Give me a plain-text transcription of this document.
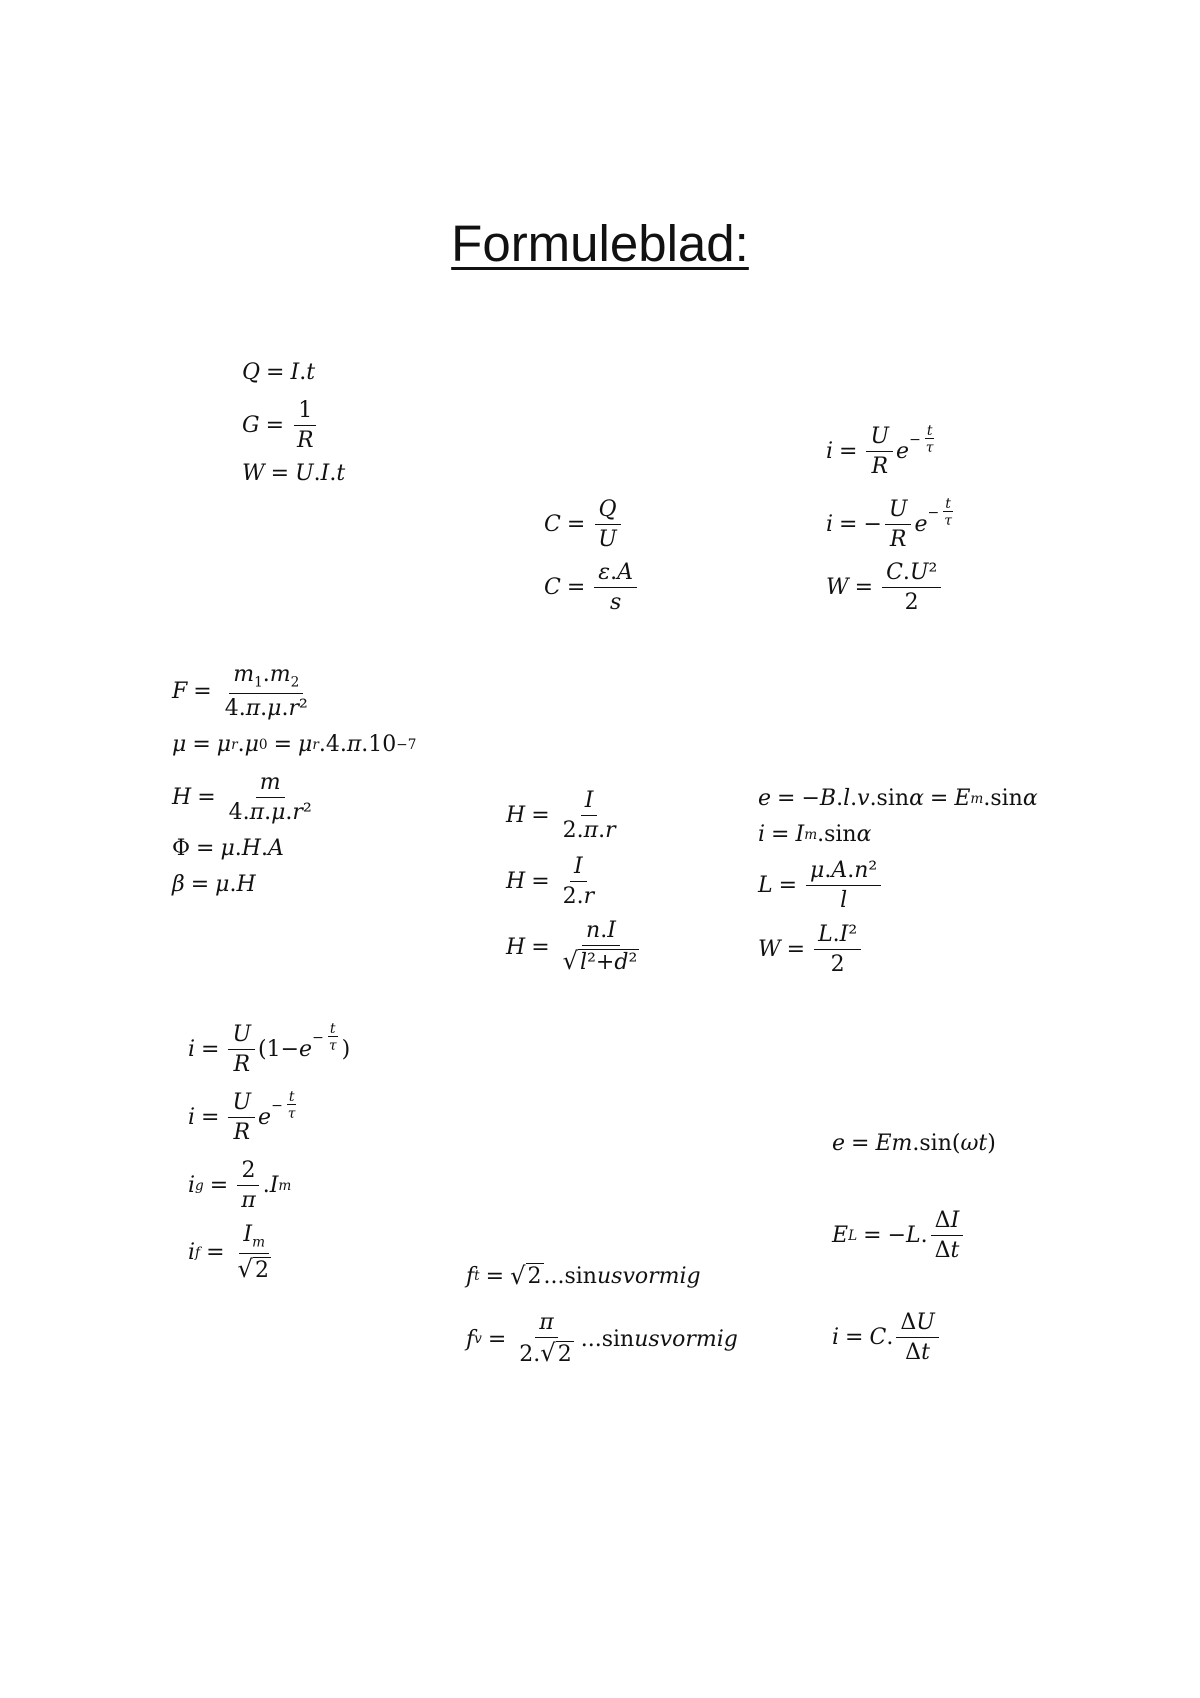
Formuleblad:
Q = I . t
$G = \frac{1}{R}$
W = U . I . t
$C = \frac{Q}{U}$
$C = \frac{\varepsilon.A}{s}$
$i = \frac{U}{R}$ $e - \frac{t}{\tau}$
i = − $\frac{U}{R}$ $e - \frac{t}{\tau}$
$W = \frac{\text{C.U²}}{2}$
$F = \frac{m_1.m_2}{\text{4.π.μ.r²}}$
μ = μ r . μ 0 = μ r .4. π .10 −7
$H = \frac{m}{\text{4.π.μ.r²}}$
Φ = μ . H . A
β = μ . H
$H = \frac{I}{2.\pi.r}$
$H = \frac{I}{2.r}$
$H = \frac{n.I}{\text{√l²+d²}}$
e = − B . l . v .sin α = E m .sin α
i = I m .sin α
$L = \frac{\text{μ.A.n²}}{l}$
$W = \frac{\text{L.I²}}{2}$
$i = \frac{U}{R} (1- e - \frac{t}{\tau}$ )
$i = \frac{U}{R}$ $e - \frac{t}{\tau}$
i $g = \frac{2}{\pi}$ . I m
i $f = \frac{I_m}{√2}$	f t = √ 2 ...sin usvormig
f $v = \frac{\pi}{2.√2} ...\sin$ usvormig
e = Em .sin( ωt )
E L = − L . $\frac{\Delta I}{\Delta t}$
i = C . $\frac{\Delta U}{\Delta t}$
